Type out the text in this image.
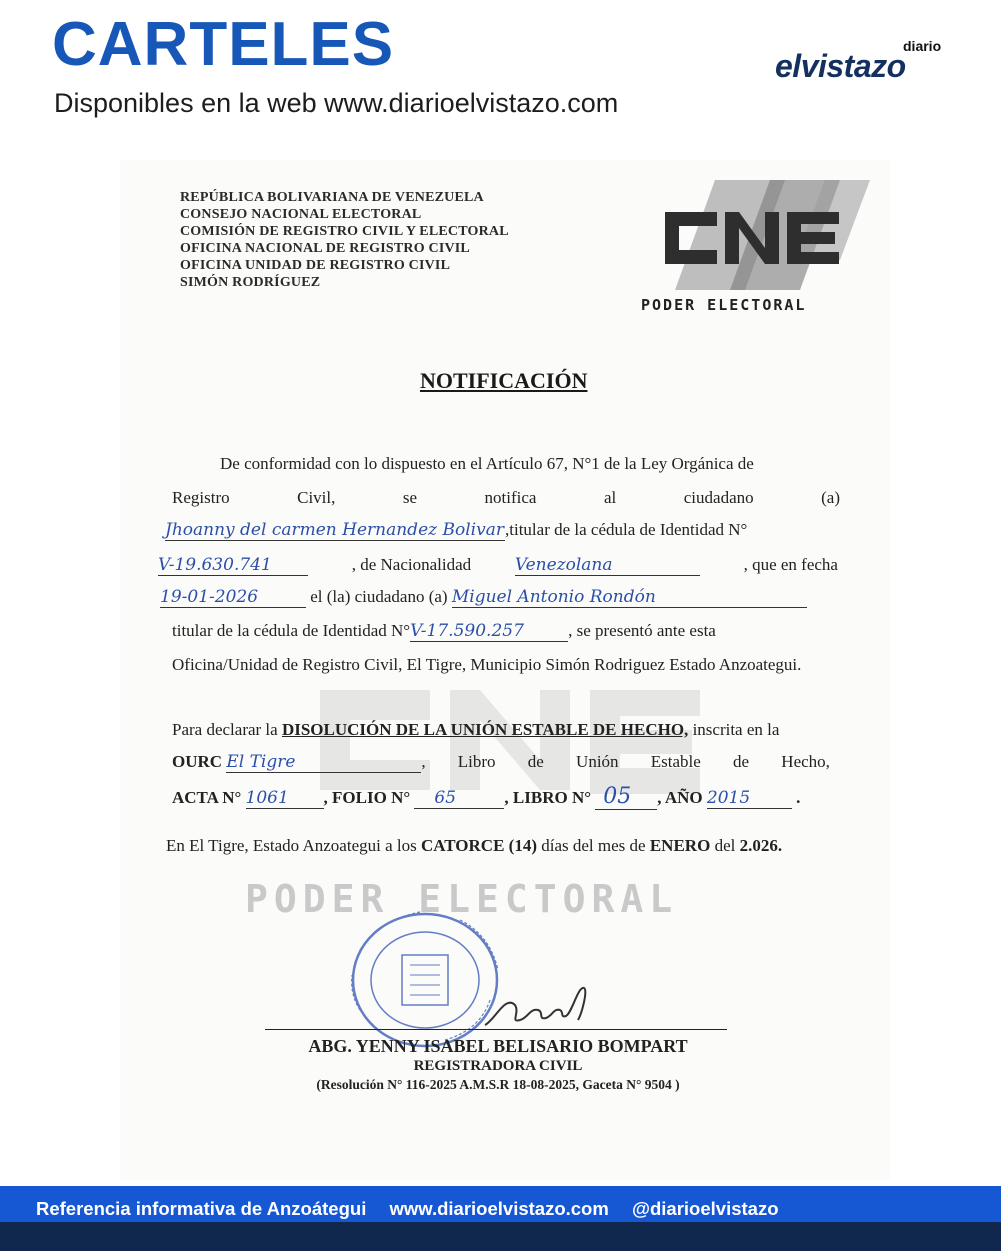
CARTELES
Disponibles en la web www.diarioelvistazo.com
diario
elvistazo
REPÚBLICA BOLIVARIANA DE VENEZUELA
CONSEJO NACIONAL ELECTORAL
COMISIÓN DE REGISTRO CIVIL Y ELECTORAL
OFICINA NACIONAL DE REGISTRO CIVIL
OFICINA UNIDAD DE REGISTRO CIVIL
SIMÓN RODRÍGUEZ
PODER ELECTORAL
NOTIFICACIÓN
De conformidad con lo dispuesto en el Artículo 67, N°1 de la Ley Orgánica de
Registro	Civil,	se	notifica	al	ciudadano	(a)
Jhoanny del carmen Hernandez Bolivar,titular de la cédula de Identidad N°
V-19.630.741	, de Nacionalidad	Venezolana	, que en fecha
19-01-2026	el (la) ciudadano (a) Miguel Antonio Rondón
titular de la cédula de Identidad N°V-17.590.257	, se presentó ante esta
Oficina/Unidad de Registro Civil, El Tigre, Municipio Simón Rodriguez Estado Anzoategui.
Para declarar la DISOLUCIÓN DE LA UNIÓN ESTABLE DE HECHO, inscrita en la
OURC El Tigre	, Libro de Unión Estable de Hecho,
ACTA N° 1061 , FOLIO N° 65	, LIBRO N° 05 , AÑO 2015	.
En El Tigre, Estado Anzoategui a los CATORCE (14) días del mes de ENERO del 2.026.
PODER ELECTORAL
ABG. YENNY ISABEL BELISARIO BOMPART
REGISTRADORA CIVIL
(Resolución N° 116-2025 A.M.S.R 18-08-2025, Gaceta N° 9504 )
Referencia informativa de Anzoátegui www.diarioelvistazo.com @diarioelvistazo
